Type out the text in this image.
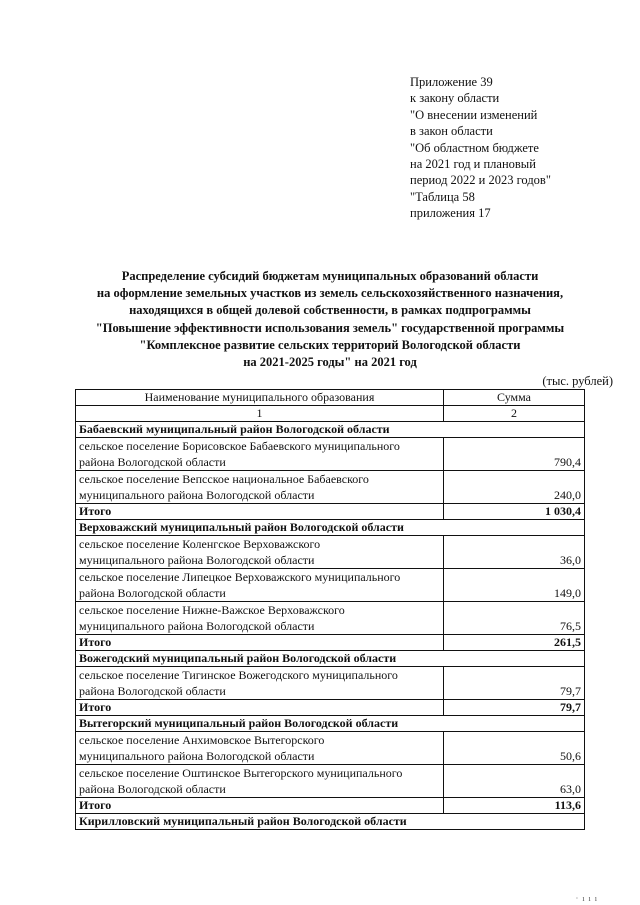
Приложение 39
к закону области
"О внесении изменений
в закон области
"Об областном бюджете
на 2021 год и плановый
период 2022 и 2023 годов"
"Таблица 58
приложения 17
Распределение субсидий бюджетам муниципальных образований области
на оформление земельных участков из земель сельскохозяйственного назначения,
находящихся в общей долевой собственности, в рамках подпрограммы
"Повышение эффективности использования земель" государственной программы
"Комплексное развитие сельских территорий Вологодской области
на 2021-2025 годы" на 2021 год
(тыс. рублей)
Наименование муниципального образования	Сумма
1	2
Бабаевский муниципальный район Вологодской области	
сельское поселение Борисовское Бабаевского муниципального
района Вологодской области	790,4
сельское поселение Вепсское национальное Бабаевского
муниципального района Вологодской области	240,0
Итого	1 030,4
Верховажский муниципальный район Вологодской области	
сельское поселение Коленгское Верховажского
муниципального района Вологодской области	36,0
сельское поселение Липецкое Верховажского муниципального
района Вологодской области	149,0
сельское поселение Нижне-Важское Верховажского
муниципального района Вологодской области	76,5
Итого	261,5
Вожегодский муниципальный район Вологодской области	
сельское поселение Тигинское Вожегодского муниципального
района Вологодской области	79,7
Итого	79,7
Вытегорский муниципальный район Вологодской области	
сельское поселение Анхимовское Вытегорского
муниципального района Вологодской области	50,6
сельское поселение Оштинское Вытегорского муниципального
района Вологодской области	63,0
Итого	113,6
Кирилловский муниципальный район Вологодской области	
· ı ı ı
